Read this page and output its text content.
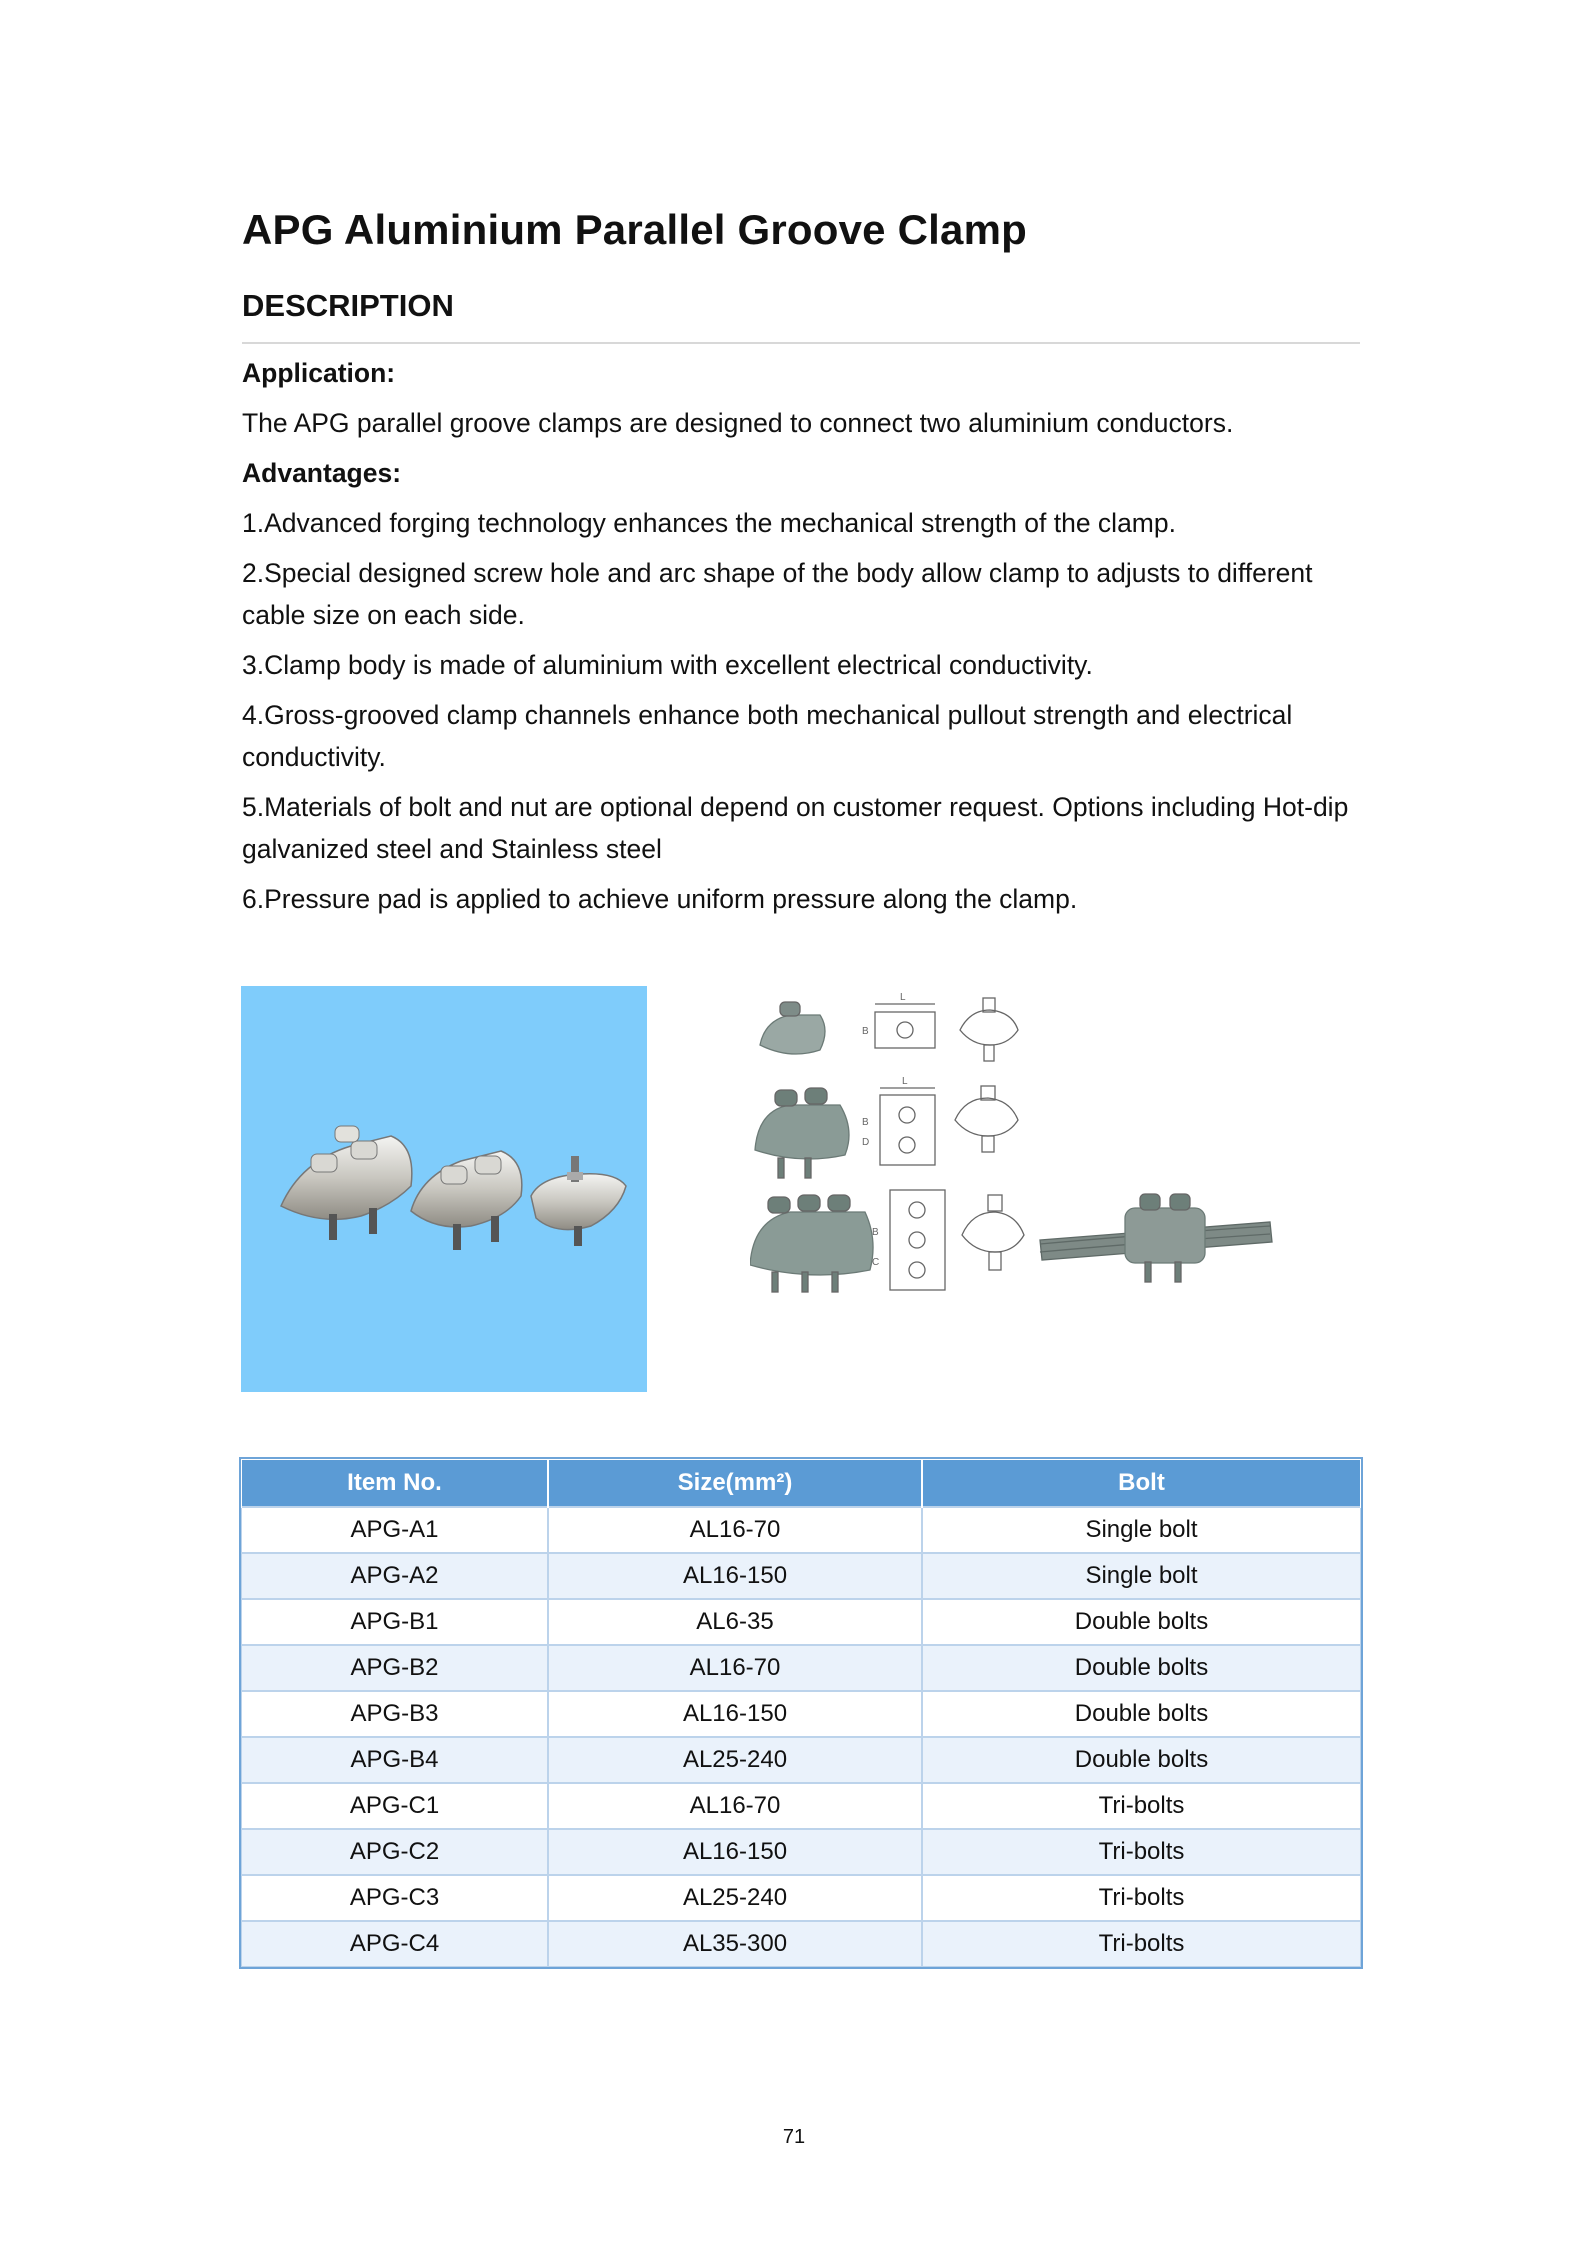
APG Aluminium Parallel Groove Clamp
DESCRIPTION

Application:

The APG parallel groove clamps are designed to connect two aluminium conductors.

Advantages:

1.Advanced forging technology enhances the mechanical strength of the clamp.

2.Special designed screw hole and arc shape of the body allow clamp to adjusts to different cable size on each side.

3.Clamp body is made of aluminium with excellent electrical conductivity.

4.Gross-grooved clamp channels enhance both mechanical pullout strength and electrical conductivity.

5.Materials of bolt and nut are optional depend on customer request. Options including Hot-dip galvanized steel and Stainless steel

6.Pressure pad is applied to achieve uniform pressure along the clamp.

L
B
L
B
D
B
C
Item No.	Size(mm²)	Bolt
APG-A1	AL16-70	Single bolt
APG-A2	AL16-150	Single bolt
APG-B1	AL6-35	Double bolts
APG-B2	AL16-70	Double bolts
APG-B3	AL16-150	Double bolts
APG-B4	AL25-240	Double bolts
APG-C1	AL16-70	Tri-bolts
APG-C2	AL16-150	Tri-bolts
APG-C3	AL25-240	Tri-bolts
APG-C4	AL35-300	Tri-bolts
71
